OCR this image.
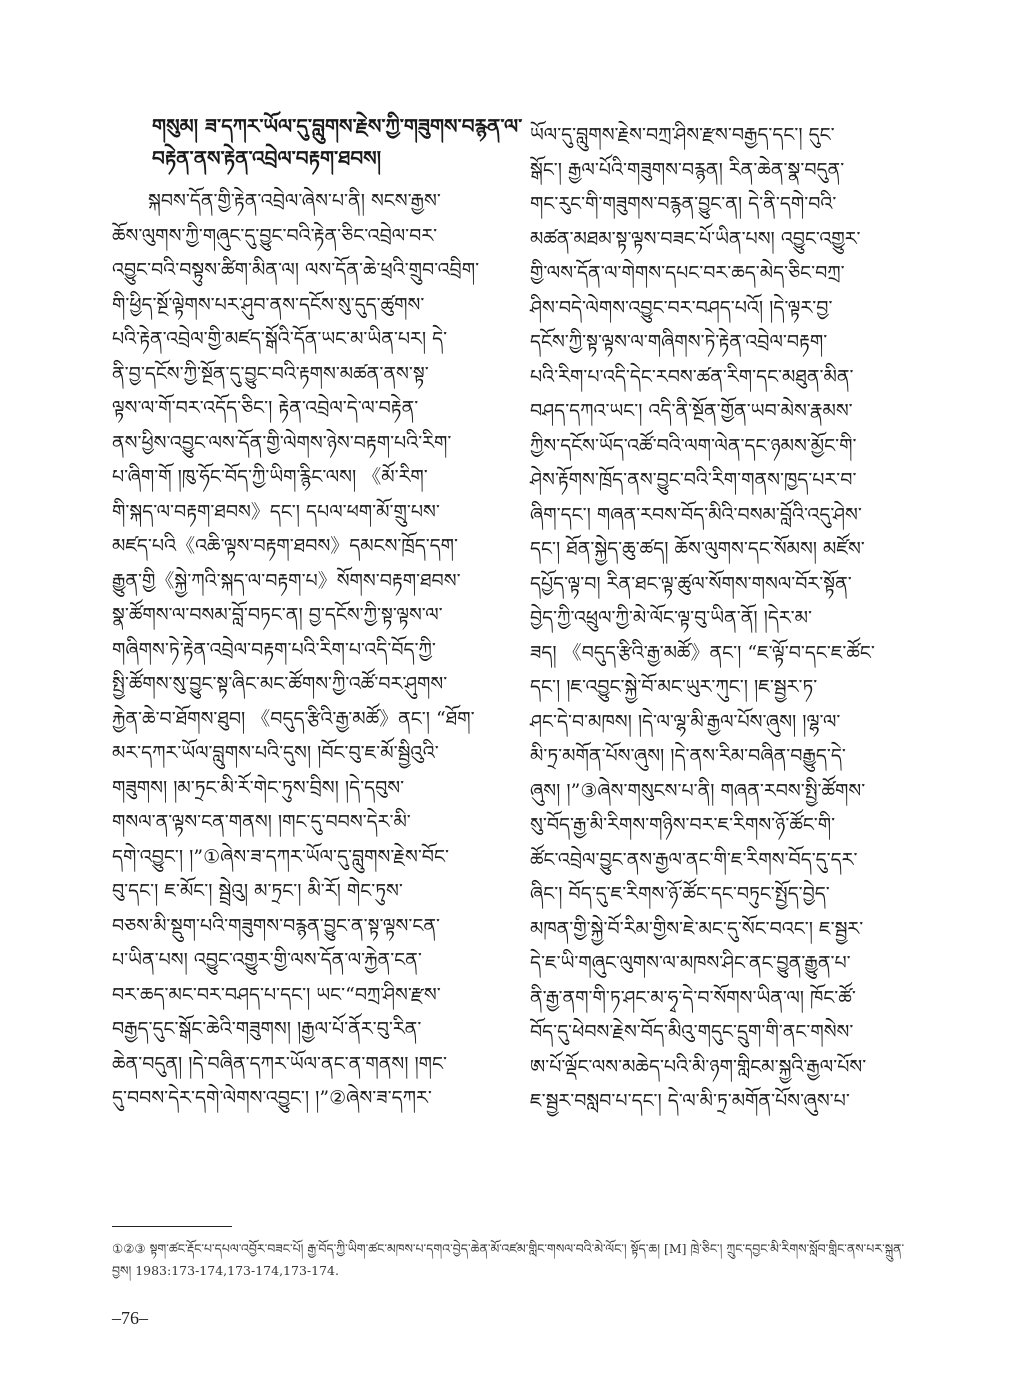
གསུམ། ཟ་དཀར་ཡོལ་དུ་བླུགས་རྗེས་ཀྱི་གཟུགས་བརྙན་ལ་
བརྟེན་ནས་རྟེན་འབྲེལ་བརྟག་ཐབས།
སྐབས་དོན་གྱི་རྟེན་འབྲེལ་ཞེས་པ་ནི། སངས་རྒྱས་
ཆོས་ལུགས་ཀྱི་གཞུང་དུ་བྱུང་བའི་རྟེན་ཅིང་འབྲེལ་བར་
འབྱུང་བའི་བསྟུས་ཚིག་མིན་ལ། ལས་དོན་ཆེ་ཕྲའི་གྲུབ་འབྲིག་
གི་ཕྱིད་སྔོ་ལྟེགས་པར་ཤུབ་ནས་དངོས་སུ་དུད་ཚུགས་
པའི་རྟེན་འབྲེལ་གྱི་མཛད་སྒོའི་དོན་ཡང་མ་ཡིན་པར། དེ་
ནི་བྱ་དངོས་ཀྱི་སྔོན་དུ་བྱུང་བའི་རྟགས་མཚན་ནས་སྟ་
ལྟས་ལ་གོ་བར་འདོད་ཅིང་། རྟེན་འབྲེལ་དེ་ལ་བརྟེན་
ནས་ཕྱིས་འབྱུང་ལས་དོན་གྱི་ལེགས་ཉེས་བརྟག་པའི་རིག་
པ་ཞིག་གོ །ཁུ་ཧོང་བོད་ཀྱི་ཡིག་རྙིང་ལས། 《མོ་རིག་
གི་སྐད་ལ་བརྟག་ཐབས》དང་། དཔལ་ཕག་མོ་གྲུ་པས་
མཛད་པའི《འཆི་ལྟས་བརྟག་ཐབས》དམངས་ཁྲོད་དག་
རྒྱུན་གྱི《སྐྱེ་ཀའི་སྐད་ལ་བརྟག་པ》སོགས་བརྟག་ཐབས་
སྣ་ཚོགས་ལ་བསམ་བློ་བཏང་ན། བྱ་དངོས་ཀྱི་སྟ་ལྟས་ལ་
གཞིགས་ཏེ་རྟེན་འབྲེལ་བརྟག་པའི་རིག་པ་འདི་བོད་ཀྱི་
སྤྱི་ཚོགས་སུ་བྱུང་སྟ་ཞིང་མང་ཚོགས་ཀྱི་འཚོ་བར་ཤུགས་
རྐྱེན་ཆེ་བ་ཐོགས་ཐུབ། 《བདུད་རྩིའི་རྒྱ་མཚོ》ནང་། “ཐོག་
མར་དཀར་ཡོལ་བླུགས་པའི་དུས། །བོང་བུ་ཇ་མོ་སྦྱིའུའི་
གཟུགས། །མ་ཏྲང་མི་རོ་གེང་ཏུས་བྲིས། །དེ་དབུས་
གསལ་ན་ལྟས་ངན་གནས། །གང་དུ་བབས་དེར་མི་
དགེ་འབྱུང་། །”①ཞེས་ཟ་དཀར་ཡོལ་དུ་བླུགས་རྗེས་བོང་
བུ་དང་། ཇ་མོང་། སྦྲེའུ། མ་ཏྲང་། མི་རོ། གེང་ཏུས་
བཅས་མི་སྡུག་པའི་གཟུགས་བརྙན་བྱུང་ན་སྟ་ལྟས་ངན་
པ་ཡིན་པས། འབྱུང་འགྱུར་གྱི་ལས་དོན་ལ་རྐྱེན་ངན་
བར་ཆད་མང་བར་བཤད་པ་དང་། ཡང་“བཀྲ་ཤིས་རྫས་
བརྒྱད་དུང་སྒོང་ཆེའི་གཟུགས། །རྒྱལ་པོ་ནོར་བུ་རིན་
ཆེན་བདུན། །དེ་བཞིན་དཀར་ཡོལ་ནང་ན་གནས། །གང་
དུ་བབས་དེར་དགེ་ལེགས་འབྱུང་། །”②ཞེས་ཟ་དཀར་
ཡོལ་དུ་བླུགས་རྗེས་བཀྲ་ཤིས་རྫས་བརྒྱད་དང་། དུང་
སྒོང་། རྒྱལ་པོའི་གཟུགས་བརྙན། རིན་ཆེན་སྣ་བདུན་
གང་རུང་གི་གཟུགས་བརྙན་བྱུང་ན། དེ་ནི་དགེ་བའི་
མཚན་མཐམ་སྟ་ལྟས་བཟང་པོ་ཡིན་པས། འབྱུང་འགྱུར་
གྱི་ལས་དོན་ལ་གེགས་དཔང་བར་ཆད་མེད་ཅིང་བཀྲ་
ཤིས་བདེ་ལེགས་འབྱུང་བར་བཤད་པའོ། །དེ་ལྟར་བྱ་
དངོས་ཀྱི་སྟ་ལྟས་ལ་གཞིགས་ཏེ་རྟེན་འབྲེལ་བརྟག་
པའི་རིག་པ་འདི་དེང་རབས་ཚན་རིག་དང་མཐུན་མིན་
བཤད་དཀའ་ཡང་། འདི་ནི་སྔོན་གྱོན་ཡབ་མེས་རྣམས་
ཀྱིས་དངོས་ཡོད་འཚོ་བའི་ལག་ལེན་དང་ཉམས་མྱོང་གི་
ཤེས་རྟོགས་ཁྲོད་ནས་བྱུང་བའི་རིག་གནས་ཁྱད་པར་བ་
ཞིག་དང་། གཞན་རབས་བོད་མིའི་བསམ་བློའི་འདུ་ཤེས་
དང་། ཐོན་སྐྱེད་ཆུ་ཚད། ཆོས་ལུགས་དང་སོམས། མཛོས་
དཔྱོད་ལྟ་བ། རིན་ཐང་ལྟ་ཚུལ་སོགས་གསལ་བོར་སྟོན་
བྱེད་ཀྱི་འཕྲུལ་ཀྱི་མེ་ལོང་ལྟ་བུ་ཡིན་ནོ། །དེར་མ་
ཟད། 《བདུད་རྩིའི་རྒྱ་མཚོ》ནང་། “ཇ་ལྟོ་བ་དང་ཇ་ཚོང་
དང་། །ཇ་འབྱུང་སྐྱེ་བོ་མང་ཡུར་ཀུང་། །ཇ་སྦྱར་ཏ་
ཤང་དེ་བ་མཁས། །དེ་ལ་ལྷ་མི་རྒྱལ་པོས་ཞུས། །ལྷ་ལ་
མི་ཏྲ་མགོན་པོས་ཞུས། །དེ་ནས་རིམ་བཞིན་བརྒྱུད་དེ་
ཞུས། །”③ཞེས་གསུངས་པ་ནི། གཞན་རབས་སྤྱི་ཚོགས་
སུ་བོད་རྒྱ་མི་རིགས་གཉིས་བར་ཇ་རིགས་ཉོ་ཚོང་གི་
ཚོང་འབྲེལ་བྱུང་ནས་རྒྱལ་ནང་གི་ཇ་རིགས་བོད་དུ་དར་
ཞིང་། བོད་དུ་ཇ་རིགས་ཉོ་ཚོང་དང་བཏུང་སྤྱོད་བྱེད་
མཁན་གྱི་སྐྱེ་བོ་རིམ་གྱིས་ཇེ་མང་དུ་སོང་བའང་། ཇ་སྦྱར་
དེ་ཇ་ཡི་གཞུང་ལུགས་ལ་མཁས་ཤིང་ནང་བྱུན་རྒྱུན་པ་
ནི་རྒྱ་ནག་གི་ཏ་ཤང་མ་ཧྭ་དེ་བ་སོགས་ཡིན་ལ། ཁོང་ཚོ་
བོད་དུ་ཕེབས་རྗེས་བོད་མིའུ་གདུང་དྲུག་གི་ནང་གསེས་
ཨ་པོ་ལྡོང་ལས་མཆེད་པའི་མི་ཉག་གླིངམ་སྐྱའི་རྒྱལ་པོས་
ཇ་སྦྱར་བསླབ་པ་དང་། དེ་ལ་མི་ཏྲ་མགོན་པོས་ཞུས་པ་
①②③ སྟག་ཚང་རྡོང་པ་དཔལ་འབྱོར་བཟང་པོ། རྒྱ་བོད་ཀྱི་ཡིག་ཚང་མཁས་པ་དགའ་བྱེད་ཆེན་མོ་འཛམ་གླིང་གསལ་བའི་མེ་ལོང་། སྟོད་ཆ། [M] ཁྲེ་ཅིང་། ཀྲུང་དབྱང་མི་རིགས་སློབ་གླིང་ནས་པར་སྐྲུན་བྱས། 1983:173-174,173-174,173-174.
–76–
